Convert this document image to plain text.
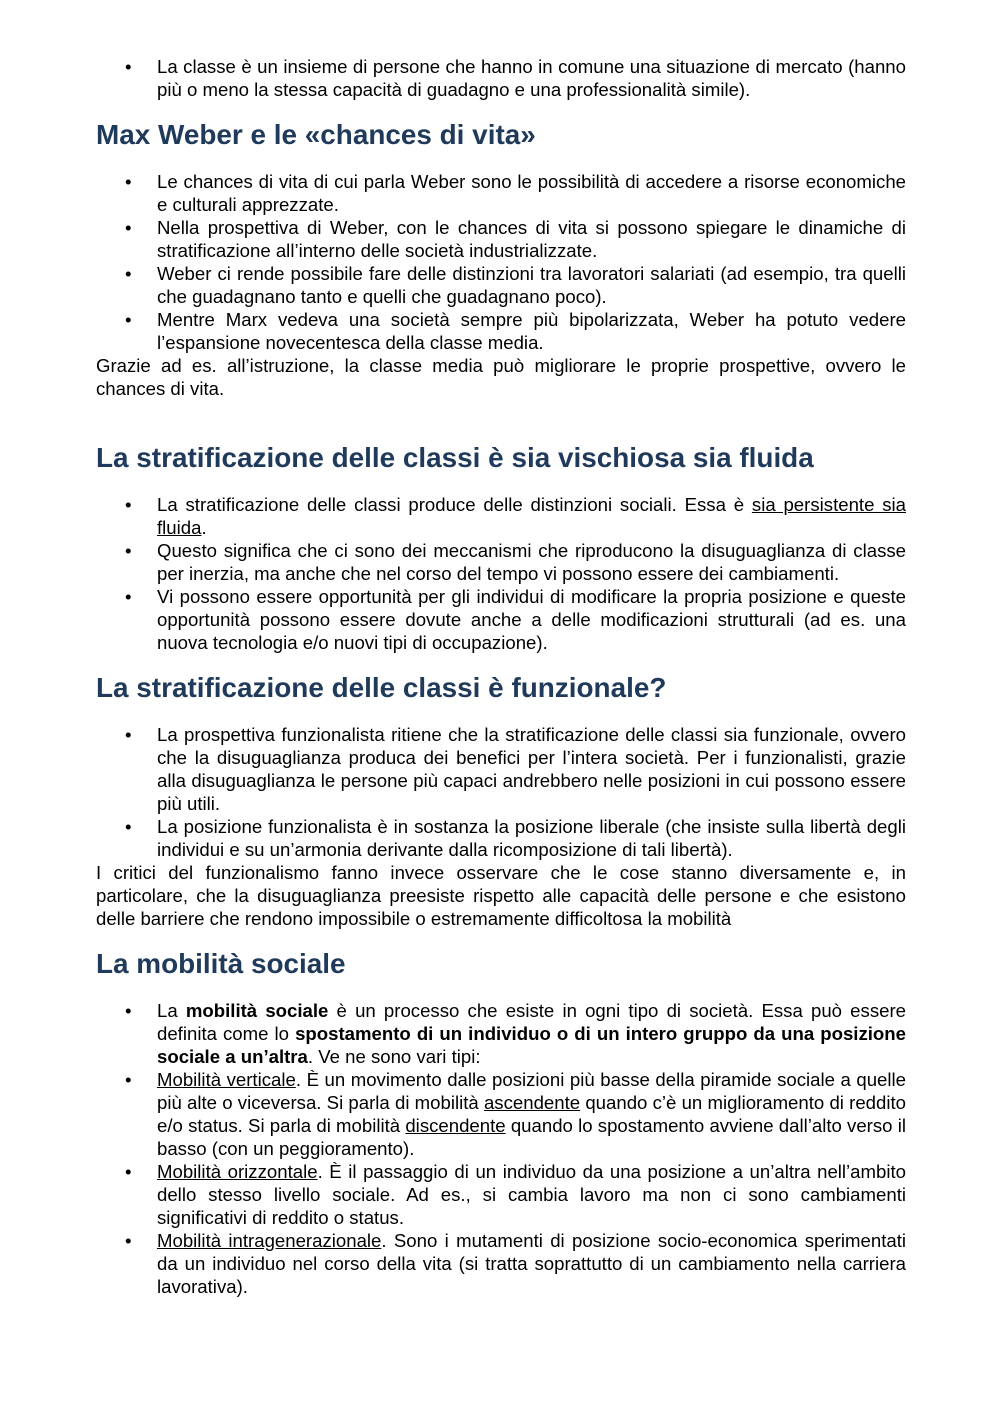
• La classe è un insieme di persone che hanno in comune una situazione di mercato (hanno più o meno la stessa capacità di guadagno e una professionalità simile).
Max Weber e le «chances di vita»
• Le chances di vita di cui parla Weber sono le possibilità di accedere a risorse economiche e culturali apprezzate.
• Nella prospettiva di Weber, con le chances di vita si possono spiegare le dinamiche di stratificazione all’interno delle società industrializzate.
• Weber ci rende possibile fare delle distinzioni tra lavoratori salariati (ad esempio, tra quelli che guadagnano tanto e quelli che guadagnano poco).
• Mentre Marx vedeva una società sempre più bipolarizzata, Weber ha potuto vedere l’espansione novecentesca della classe media.

Grazie ad es. all’istruzione, la classe media può migliorare le proprie prospettive, ovvero le chances di vita.

La stratificazione delle classi è sia vischiosa sia fluida
• La stratificazione delle classi produce delle distinzioni sociali. Essa è sia persistente sia fluida.
• Questo significa che ci sono dei meccanismi che riproducono la disuguaglianza di classe per inerzia, ma anche che nel corso del tempo vi possono essere dei cambiamenti.
• Vi possono essere opportunità per gli individui di modificare la propria posizione e queste opportunità possono essere dovute anche a delle modificazioni strutturali (ad es. una nuova tecnologia e/o nuovi tipi di occupazione).
La stratificazione delle classi è funzionale?
• La prospettiva funzionalista ritiene che la stratificazione delle classi sia funzionale, ovvero che la disuguaglianza produca dei benefici per l’intera società. Per i funzionalisti, grazie alla disuguaglianza le persone più capaci andrebbero nelle posizioni in cui possono essere più utili.
• La posizione funzionalista è in sostanza la posizione liberale (che insiste sulla libertà degli individui e su un’armonia derivante dalla ricomposizione di tali libertà).

I critici del funzionalismo fanno invece osservare che le cose stanno diversamente e, in particolare, che la disuguaglianza preesiste rispetto alle capacità delle persone e che esistono delle barriere che rendono impossibile o estremamente difficoltosa la mobilità

La mobilità sociale
• La mobilità sociale è un processo che esiste in ogni tipo di società. Essa può essere definita come lo spostamento di un individuo o di un intero gruppo da una posizione sociale a un’altra. Ve ne sono vari tipi:
• Mobilità verticale. È un movimento dalle posizioni più basse della piramide sociale a quelle più alte o viceversa. Si parla di mobilità ascendente quando c’è un miglioramento di reddito e/o status. Si parla di mobilità discendente quando lo spostamento avviene dall’alto verso il basso (con un peggioramento).
• Mobilità orizzontale. È il passaggio di un individuo da una posizione a un’altra nell’ambito dello stesso livello sociale. Ad es., si cambia lavoro ma non ci sono cambiamenti significativi di reddito o status.
• Mobilità intragenerazionale. Sono i mutamenti di posizione socio-economica sperimentati da un individuo nel corso della vita (si tratta soprattutto di un cambiamento nella carriera lavorativa).
